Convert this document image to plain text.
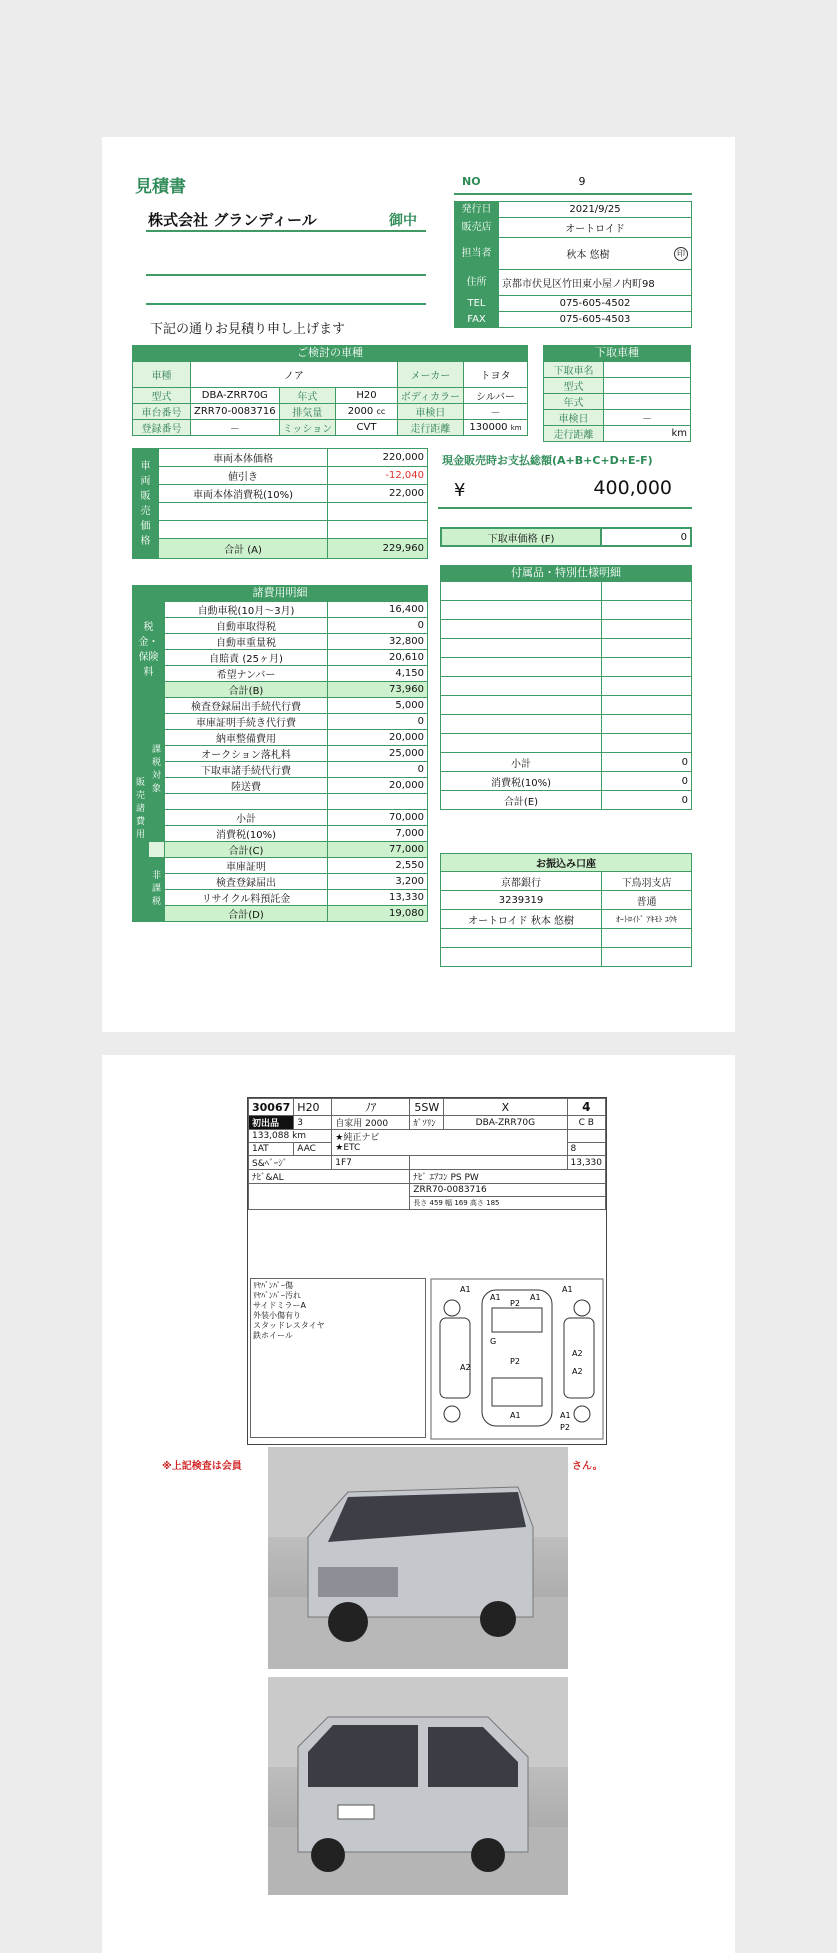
見積書	NO	9
株式会社 グランディール	御中
下記の通りお見積り申し上げます
発行日	2021/9/25
販売店	オートロイド
担当者	秋本 悠樹 印

住所	京都市伏見区竹田東小屋ノ内町98
TEL	075-605-4502
FAX	075-605-4503
ご検討の車種
車種	ノア			メーカー	トヨタ
型式	DBA-ZRR70G	年式	H20	ボディカラー	シルバー
車台番号	ZRR70-0083716	排気量	2000 cc	車検日	－
登録番号	－	ミッション	CVT	走行距離	130000 km
下取車種
下取車名	
型式	
年式	
車検日	－
走行距離	km
車両販売価格	車両本体価格	220,000
	値引き	-12,040
	車両本体消費税(10%)	22,000

	合計 (A)	229,960
現金販売時お支払総額(A+B+C+D+E-F)
¥	400,000
下取車価格 (F)	0
諸費用明細
税金・保険料		自動車税(10月～3月)	16,400
		自動車取得税	0
		自動車重量税	32,800
		自賠責 (25ヶ月)	20,610
		希望ナンバー	4,150
		合計(B)	73,960
販売諸費用	課税対象	検査登録届出手続代行費	5,000
		車庫証明手続き代行費	0
		納車整備費用	20,000
		オークション落札料	25,000
		下取車諸手続代行費	0
		陸送費	20,000

		小計	70,000
		消費税(10%)	7,000
		合計(C)	77,000
	非課税	車庫証明	2,550
		検査登録届出	3,200
		リサイクル料預託金	13,330
		合計(D)	19,080
付属品・特別仕様明細

小計	0
消費税(10%)	0
合計(E)	0
お振込み口座	
京都銀行	下鳥羽支店
3239319	普通
オートロイド 秋本 悠樹	ｵｰﾄﾛｲﾄﾞ ｱｷﾓﾄ ﾕｳｷ

30067	H20	ﾉｱ	5SW	X	4
初出品	3	自家用 2000	ｶﾞｿﾘﾝ	DBA-ZRR70G	C B
133,088 km		★純正ナビ
★ETC			

1AT	AAC				8
S&ﾍﾞｰｼﾞ		1F7			13,330
ﾅﾋﾞ&AL			ﾅﾋﾞ ｴｱｺﾝ PS PW		
			ZRR70-0083716		
			長さ 459 幅 169 高さ 185		
ﾘﾔﾊﾞﾝﾊﾟｰ傷
ﾘﾔﾊﾞﾝﾊﾟｰ汚れ
サイドミラーA
外装小傷有り
スタッドレスタイヤ
鉄ホイール
A1	A1
A1	A1
P2
G
A2
A2	A2
P2
A1	A1
P2
※上記検査は会員	さん。
